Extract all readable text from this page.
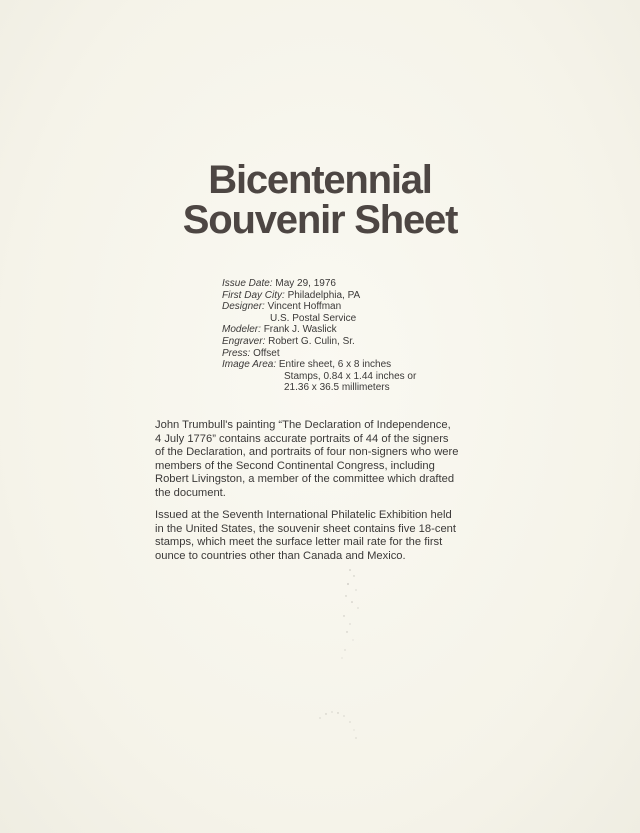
Bicentennial
Souvenir Sheet
Issue Date: May 29, 1976
First Day City: Philadelphia, PA
Designer: Vincent Hoffman
U.S. Postal Service
Modeler: Frank J. Waslick
Engraver: Robert G. Culin, Sr.
Press: Offset
Image Area: Entire sheet, 6 x 8 inches
Stamps, 0.84 x 1.44 inches or
21.36 x 36.5 millimeters
John Trumbull's painting “The Declaration of Independence,
4 July 1776” contains accurate portraits of 44 of the signers
of the Declaration, and portraits of four non-signers who were
members of the Second Continental Congress, including
Robert Livingston, a member of the committee which drafted
the document.
Issued at the Seventh International Philatelic Exhibition held
in the United States, the souvenir sheet contains five 18-cent
stamps, which meet the surface letter mail rate for the first
ounce to countries other than Canada and Mexico.
